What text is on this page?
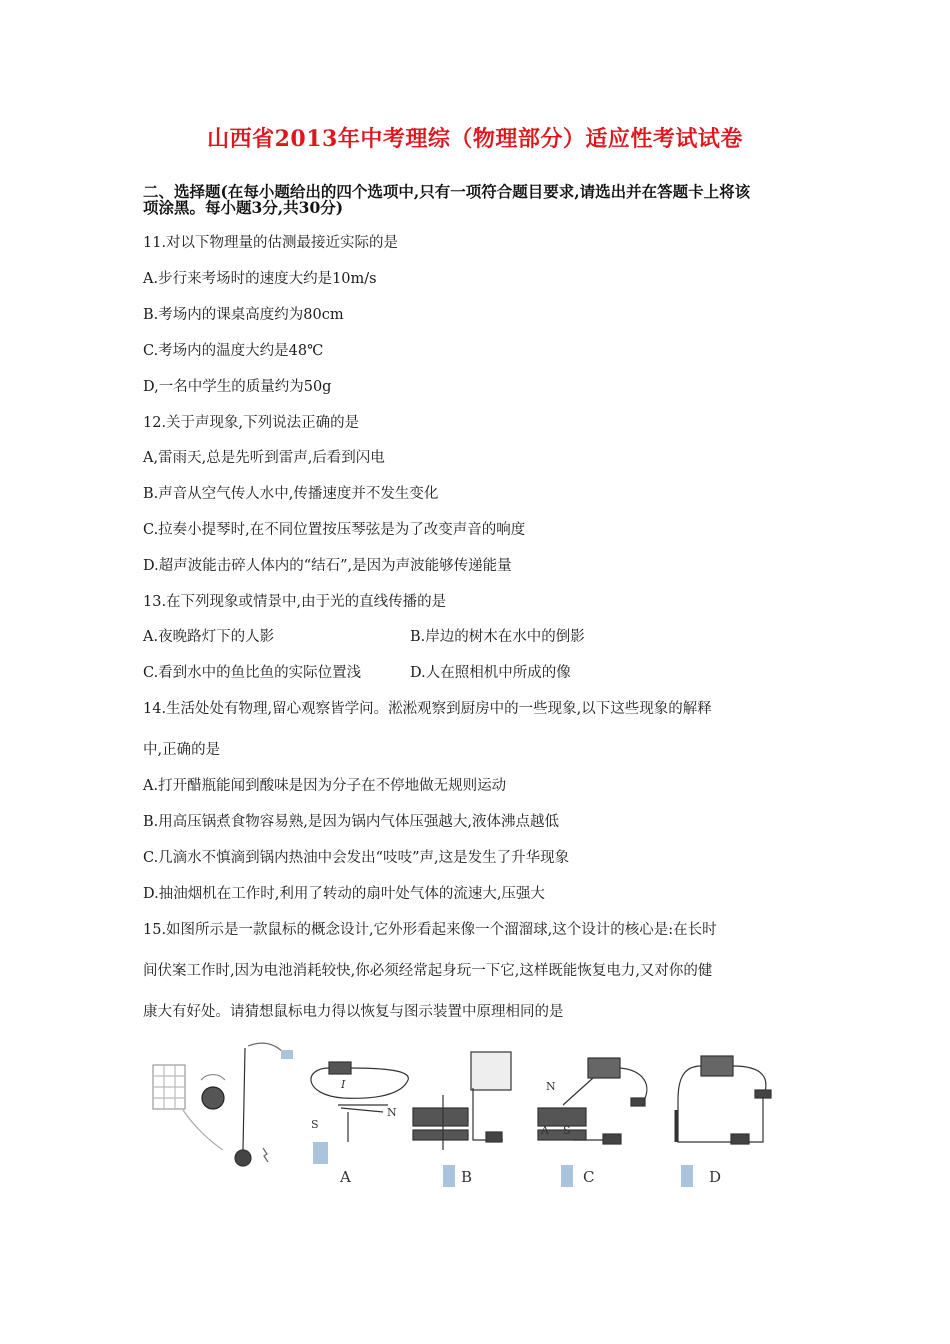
山西省2013年中考理综（物理部分）适应性考试试卷
二、选择题(在每小题给出的四个选项中,只有一项符合题目要求,请选出并在答题卡上将该
项涂黑。每小题3分,共30分)
11.对以下物理量的估测最接近实际的是
A.步行来考场时的速度大约是10m/s
B.考场内的课桌高度约为80cm
C.考场内的温度大约是48℃
D,一名中学生的质量约为50g
12.关于声现象,下列说法正确的是
A,雷雨天,总是先听到雷声,后看到闪电
B.声音从空气传人水中,传播速度并不发生变化
C.拉奏小提琴时,在不同位置按压琴弦是为了改变声音的响度
D.超声波能击碎人体内的“结石”,是因为声波能够传递能量
13.在下列现象或情景中,由于光的直线传播的是
A.夜晚路灯下的人影	B.岸边的树木在水中的倒影
C.看到水中的鱼比鱼的实际位置浅	D.人在照相机中所成的像
14.生活处处有物理,留心观察皆学问。淞淞观察到厨房中的一些现象,以下这些现象的解释
中,正确的是
A.打开醋瓶能闻到酸味是因为分子在不停地做无规则运动
B.用高压锅煮食物容易熟,是因为锅内气体压强越大,液体沸点越低
C.几滴水不慎滴到锅内热油中会发出“吱吱”声,这是发生了升华现象
D.抽油烟机在工作时,利用了转动的扇叶处气体的流速大,压强大
15.如图所示是一款鼠标的概念设计,它外形看起来像一个溜溜球,这个设计的核心是:在长时
间伏案工作时,因为电池消耗较快,你必须经常起身玩一下它,这样既能恢复电力,又对你的健
康大有好处。请猜想鼠标电力得以恢复与图示装置中原理相同的是
I
N
S
N
S
A
A	B	C	D
